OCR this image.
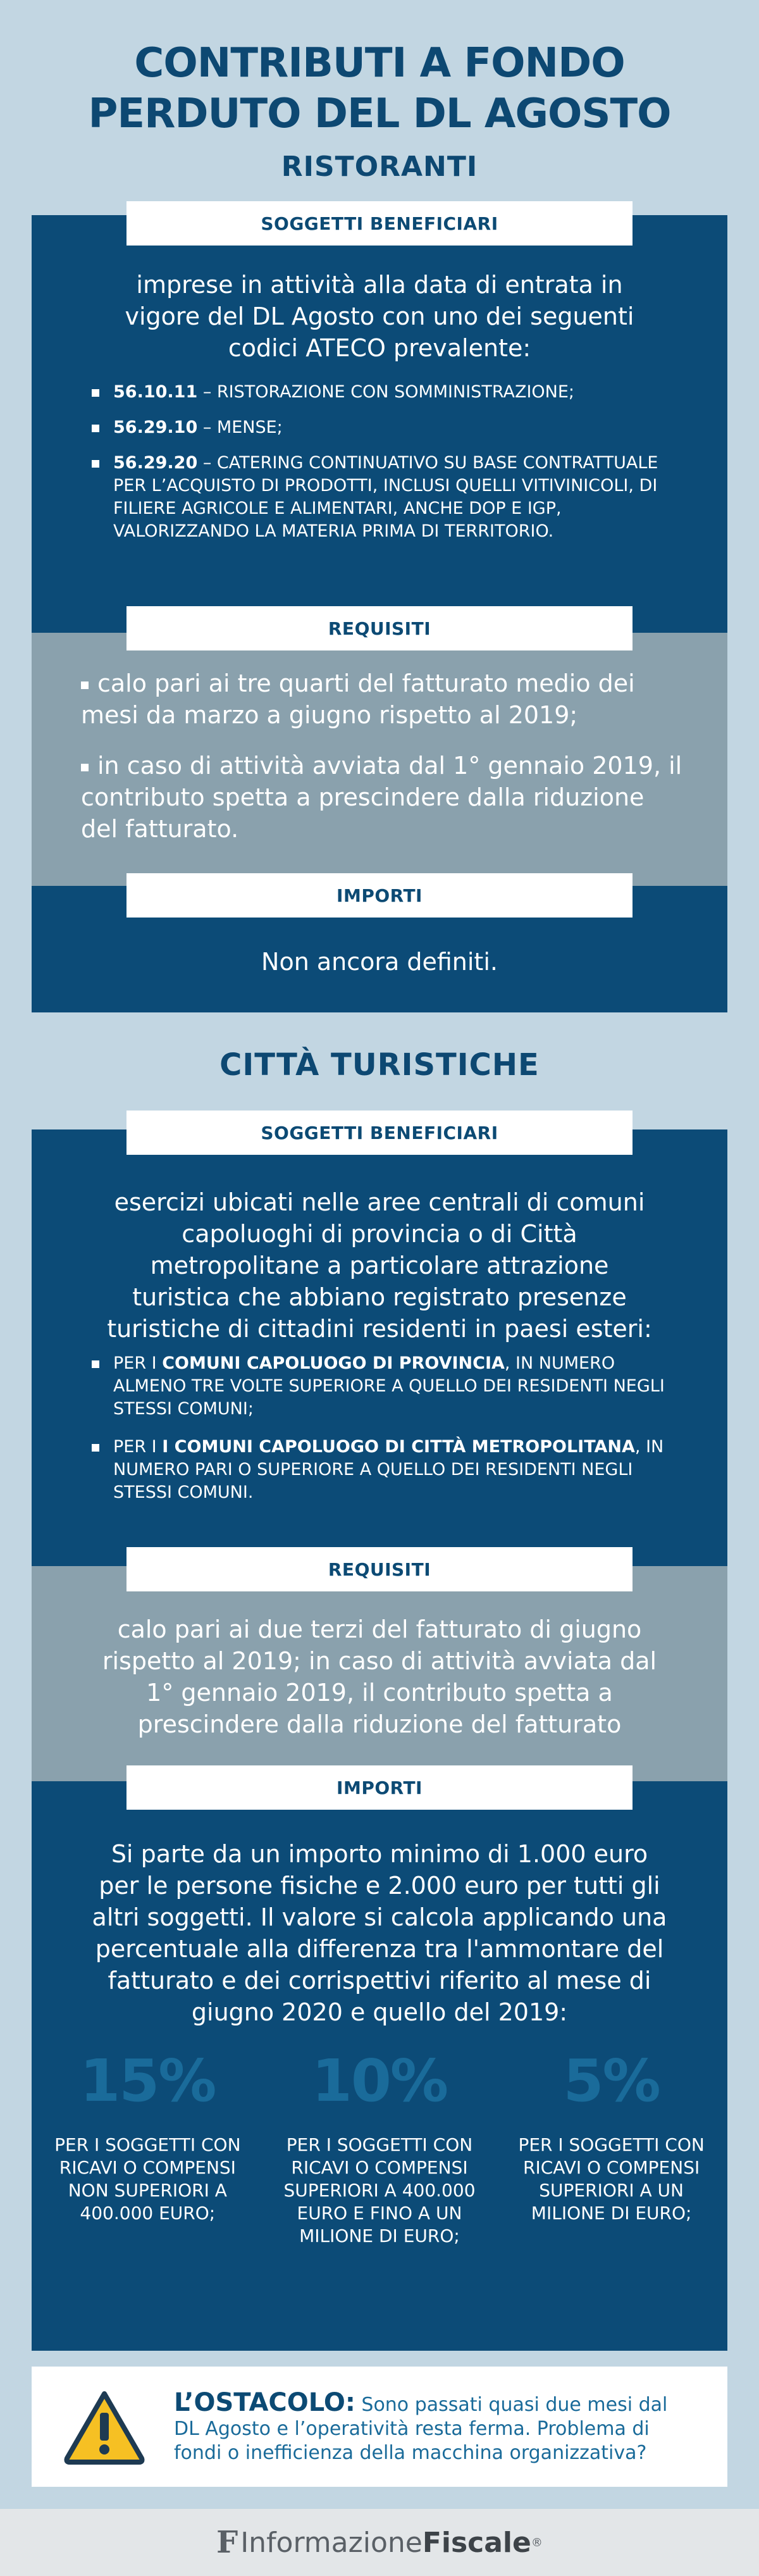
CONTRIBUTI A FONDO
PERDUTO DEL DL AGOSTO
RISTORANTI
imprese in attività alla data di entrata in vigore del DL Agosto con uno dei seguenti codici ATECO prevalente:
56.10.11 – RISTORAZIONE CON SOMMINISTRAZIONE;
56.29.10 – MENSE;
56.29.20 – CATERING CONTINUATIVO SU BASE CONTRATTUALE PER L’ACQUISTO DI PRODOTTI, INCLUSI QUELLI VITIVINICOLI, DI FILIERE AGRICOLE E ALIMENTARI, ANCHE DOP E IGP, VALORIZZANDO LA MATERIA PRIMA DI TERRITORIO.
SOGGETTI BENEFICIARI
calo pari ai tre quarti del fatturato medio dei mesi da marzo a giugno rispetto al 2019;
in caso di attività avviata dal 1° gennaio 2019, il contributo spetta a prescindere dalla riduzione del fatturato.
REQUISITI
Non ancora definiti.
IMPORTI
CITTÀ TURISTICHE
esercizi ubicati nelle aree centrali di comuni capoluoghi di provincia o di Città metropolitane a particolare attrazione turistica che abbiano registrato presenze turistiche di cittadini residenti in paesi esteri:
PER I COMUNI CAPOLUOGO DI PROVINCIA, IN NUMERO ALMENO TRE VOLTE SUPERIORE A QUELLO DEI RESIDENTI NEGLI STESSI COMUNI;
PER I I COMUNI CAPOLUOGO DI CITTÀ METROPOLITANA, IN NUMERO PARI O SUPERIORE A QUELLO DEI RESIDENTI NEGLI STESSI COMUNI.
SOGGETTI BENEFICIARI
calo pari ai due terzi del fatturato di giugno rispetto al 2019; in caso di attività avviata dal 1° gennaio 2019, il contributo spetta a prescindere dalla riduzione del fatturato
REQUISITI
Si parte da un importo minimo di 1.000 euro per le persone fisiche e 2.000 euro per tutti gli altri soggetti. Il valore si calcola applicando una percentuale alla differenza tra l'ammontare del fatturato e dei corrispettivi riferito al mese di giugno 2020 e quello del 2019:
15%
PER I SOGGETTI CON RICAVI O COMPENSI NON SUPERIORI A 400.000 EURO;
10%
PER I SOGGETTI CON RICAVI O COMPENSI SUPERIORI A 400.000 EURO E FINO A UN MILIONE DI EURO;
5%
PER I SOGGETTI CON RICAVI O COMPENSI SUPERIORI A UN MILIONE DI EURO;
IMPORTI
L’OSTACOLO: Sono passati quasi due mesi dal DL Agosto e l’operatività resta ferma. Problema di fondi o inefficienza della macchina organizzativa?
F Informazione Fiscale ®
